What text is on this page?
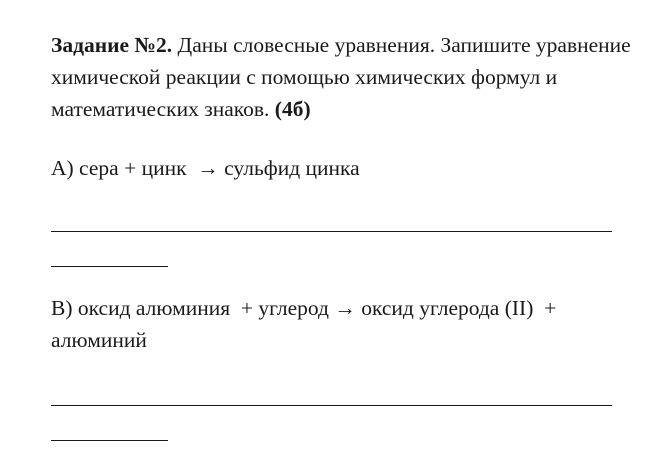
Задание №2. Даны словесные уравнения. Запишите уравнение химической реакции с помощью химических формул и математических знаков. (4б)
А) сера + цинк  → сульфид цинка
В) оксид алюминия  + углерод → оксид углерода (II)  + алюминий
